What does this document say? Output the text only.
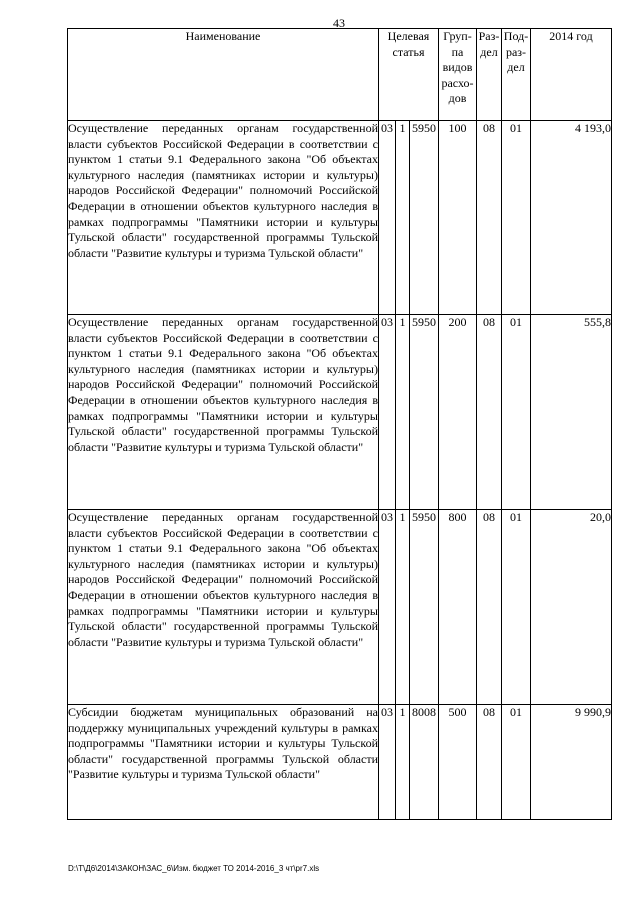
43
Наименование	Целевая статья			Груп-па видов расхо-дов	Раз-дел	Под-раз-дел	2014 год
Осуществление переданных органам государственной власти субъектов Российской Федерации в соответствии с пунктом 1 статьи 9.1 Федерального закона "Об объектах культурного наследия (памятниках истории и культуры) народов Российской Федерации" полномочий Российской Федерации в отношении объектов культурного наследия в рамках подпрограммы "Памятники истории и культуры Тульской области" государственной программы Тульской области "Развитие культуры и туризма Тульской области"	03	1	5950	100	08	01	4 193,0
Осуществление переданных органам государственной власти субъектов Российской Федерации в соответствии с пунктом 1 статьи 9.1 Федерального закона "Об объектах культурного наследия (памятниках истории и культуры) народов Российской Федерации" полномочий Российской Федерации в отношении объектов культурного наследия в рамках подпрограммы "Памятники истории и культуры Тульской области" государственной программы Тульской области "Развитие культуры и туризма Тульской области"	03	1	5950	200	08	01	555,8
Осуществление переданных органам государственной власти субъектов Российской Федерации в соответствии с пунктом 1 статьи 9.1 Федерального закона "Об объектах культурного наследия (памятниках истории и культуры) народов Российской Федерации" полномочий Российской Федерации в отношении объектов культурного наследия в рамках подпрограммы "Памятники истории и культуры Тульской области" государственной программы Тульской области "Развитие культуры и туризма Тульской области"	03	1	5950	800	08	01	20,0
Субсидии бюджетам муниципальных образований на поддержку муниципальных учреждений культуры в рамках подпрограммы "Памятники истории и культуры Тульской области" государственной программы Тульской области "Развитие культуры и туризма Тульской области"	03	1	8008	500	08	01	9 990,9
D:\Т\Д6\2014\ЗАКОН\ЗАС_6\Изм. бюджет ТО 2014-2016_3 чт\pr7.xls
